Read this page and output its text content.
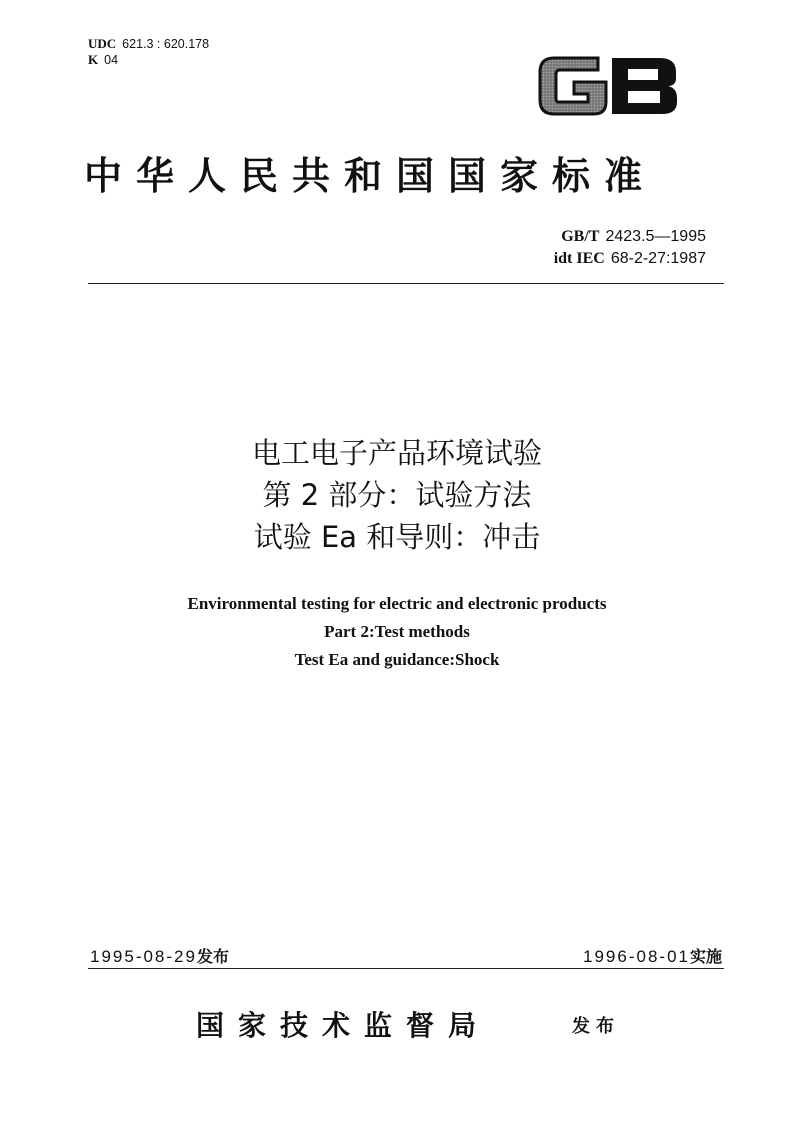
UDC 621.3 : 620.178
K 04
中华人民共和国国家标准
GB/T 2423.5—1995
idt IEC 68-2-27:1987
电工电子产品环境试验
第 2 部分：试验方法
试验 Ea 和导则：冲击
Environmental testing for electric and electronic products
Part 2:Test methods
Test Ea and guidance:Shock
1995-08-29发布	1996-08-01实施
国家技术监督局	发布
